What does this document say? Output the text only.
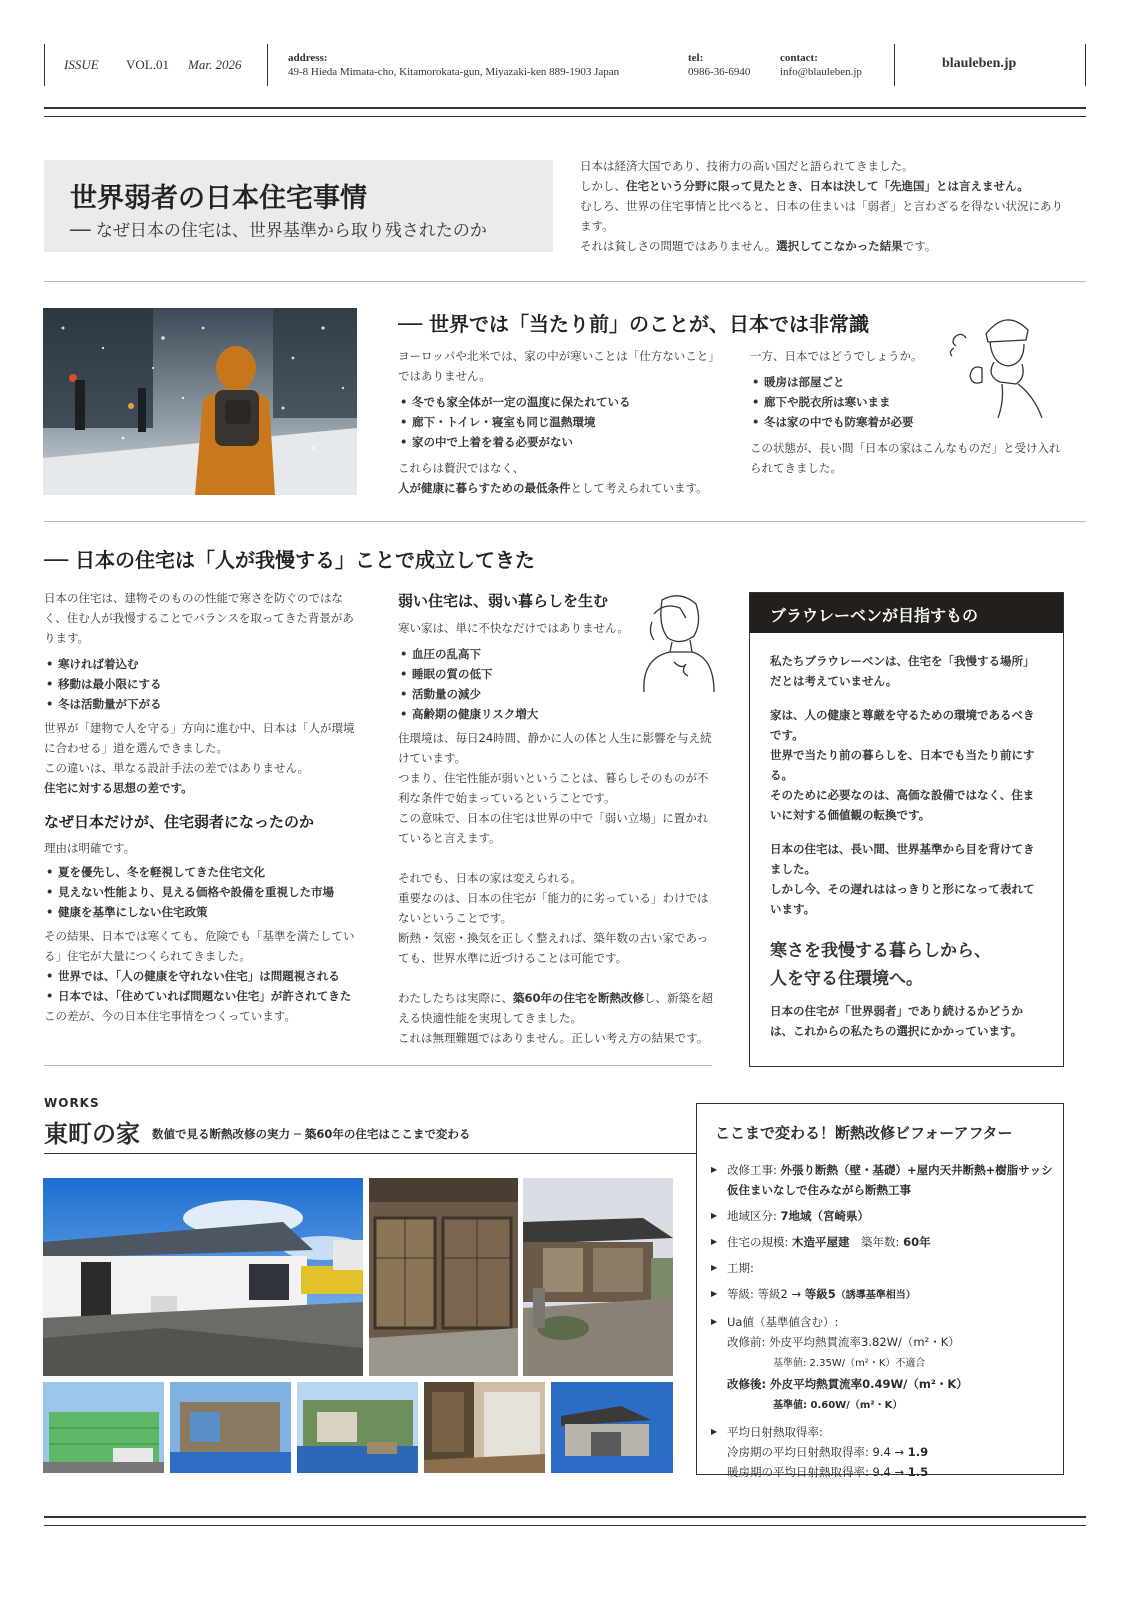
ISSUE VOL.01 Mar. 2026	address:
49-8 Hieda Mimata-cho, Kitamorokata-gun, Miyazaki-ken 889-1903 Japan
tel:
0986-36-6940
contact:
info@blauleben.jp
blauleben.jp
世界弱者の日本住宅事情
── なぜ日本の住宅は、世界基準から取り残されたのか

日本は経済大国であり、技術力の高い国だと語られてきました。

しかし、住宅という分野に限って見たとき、日本は決して「先進国」とは言えません。

むしろ、世界の住宅事情と比べると、日本の住まいは「弱者」と言わざるを得ない状況にあります。

それは貧しさの問題ではありません。選択してこなかった結果です。

── 世界では「当たり前」のことが、日本では非常識

ヨーロッパや北米では、家の中が寒いことは「仕方ないこと」ではありません。

• 冬でも家全体が一定の温度に保たれている
• 廊下・トイレ・寝室も同じ温熱環境
• 家の中で上着を着る必要がない

これらは贅沢ではなく、

人が健康に暮らすための最低条件として考えられています。

一方、日本ではどうでしょうか。

• 暖房は部屋ごと
• 廊下や脱衣所は寒いまま
• 冬は家の中でも防寒着が必要

この状態が、長い間「日本の家はこんなものだ」と受け入れられてきました。

── 日本の住宅は「人が我慢する」ことで成立してきた

日本の住宅は、建物そのものの性能で寒さを防ぐのではなく、住む人が我慢することでバランスを取ってきた背景があります。

• 寒ければ着込む
• 移動は最小限にする
• 冬は活動量が下がる

世界が「建物で人を守る」方向に進む中、日本は「人が環境に合わせる」道を選んできました。

この違いは、単なる設計手法の差ではありません。

住宅に対する思想の差です。

なぜ日本だけが、住宅弱者になったのか

理由は明確です。

• 夏を優先し、冬を軽視してきた住宅文化
• 見えない性能より、見える価格や設備を重視した市場
• 健康を基準にしない住宅政策

その結果、日本では寒くても、危険でも「基準を満たしている」住宅が大量につくられてきました。

• 世界では、「人の健康を守れない住宅」は問題視される
• 日本では、「住めていれば問題ない住宅」が許されてきた

この差が、今の日本住宅事情をつくっています。

弱い住宅は、弱い暮らしを生む

寒い家は、単に不快なだけではありません。

• 血圧の乱高下
• 睡眠の質の低下
• 活動量の減少
• 高齢期の健康リスク増大

住環境は、毎日24時間、静かに人の体と人生に影響を与え続けています。

つまり、住宅性能が弱いということは、暮らしそのものが不利な条件で始まっているということです。

この意味で、日本の住宅は世界の中で「弱い立場」に置かれていると言えます。

それでも、日本の家は変えられる。

重要なのは、日本の住宅が「能力的に劣っている」わけではないということです。

断熱・気密・換気を正しく整えれば、築年数の古い家であっても、世界水準に近づけることは可能です。

わたしたちは実際に、築60年の住宅を断熱改修し、新築を超える快適性能を実現してきました。

これは無理難題ではありません。正しい考え方の結果です。

ブラウレーベンが目指すもの

私たちブラウレーベンは、住宅を「我慢する場所」だとは考えていません。

家は、人の健康と尊厳を守るための環境であるべきです。

世界で当たり前の暮らしを、日本でも当たり前にする。

そのために必要なのは、高価な設備ではなく、住まいに対する価値観の転換です。

日本の住宅は、長い間、世界基準から目を背けてきました。

しかし今、その遅れははっきりと形になって表れています。

寒さを我慢する暮らしから、
人を守る住環境へ。

日本の住宅が「世界弱者」であり続けるかどうかは、これからの私たちの選択にかかっています。

WORKS
東町の家 数値で見る断熱改修の実力 ─ 築60年の住宅はここまで変わる	ここまで変わる！断熱改修ビフォーアフター
▶ 改修工事: 外張り断熱（壁・基礎）+屋内天井断熱+樹脂サッシ
仮住まいなしで住みながら断熱工事
▶ 地域区分: 7地域（宮崎県）
▶ 住宅の規模: 木造平屋建　築年数: 60年
▶ 工期:
▶ 等級: 等級2 → 等級5（誘導基準相当）
▶ Ua値（基準値含む）:
改修前: 外皮平均熱貫流率3.82W/（m²・K）
基準値: 2.35W/（m²・K）不適合
改修後: 外皮平均熱貫流率0.49W/（m²・K）
基準値: 0.60W/（m²・K）
▶ 平均日射熱取得率:
冷房期の平均日射熱取得率: 9.4 → 1.9
暖房期の平均日射熱取得率: 9.4 → 1.5
